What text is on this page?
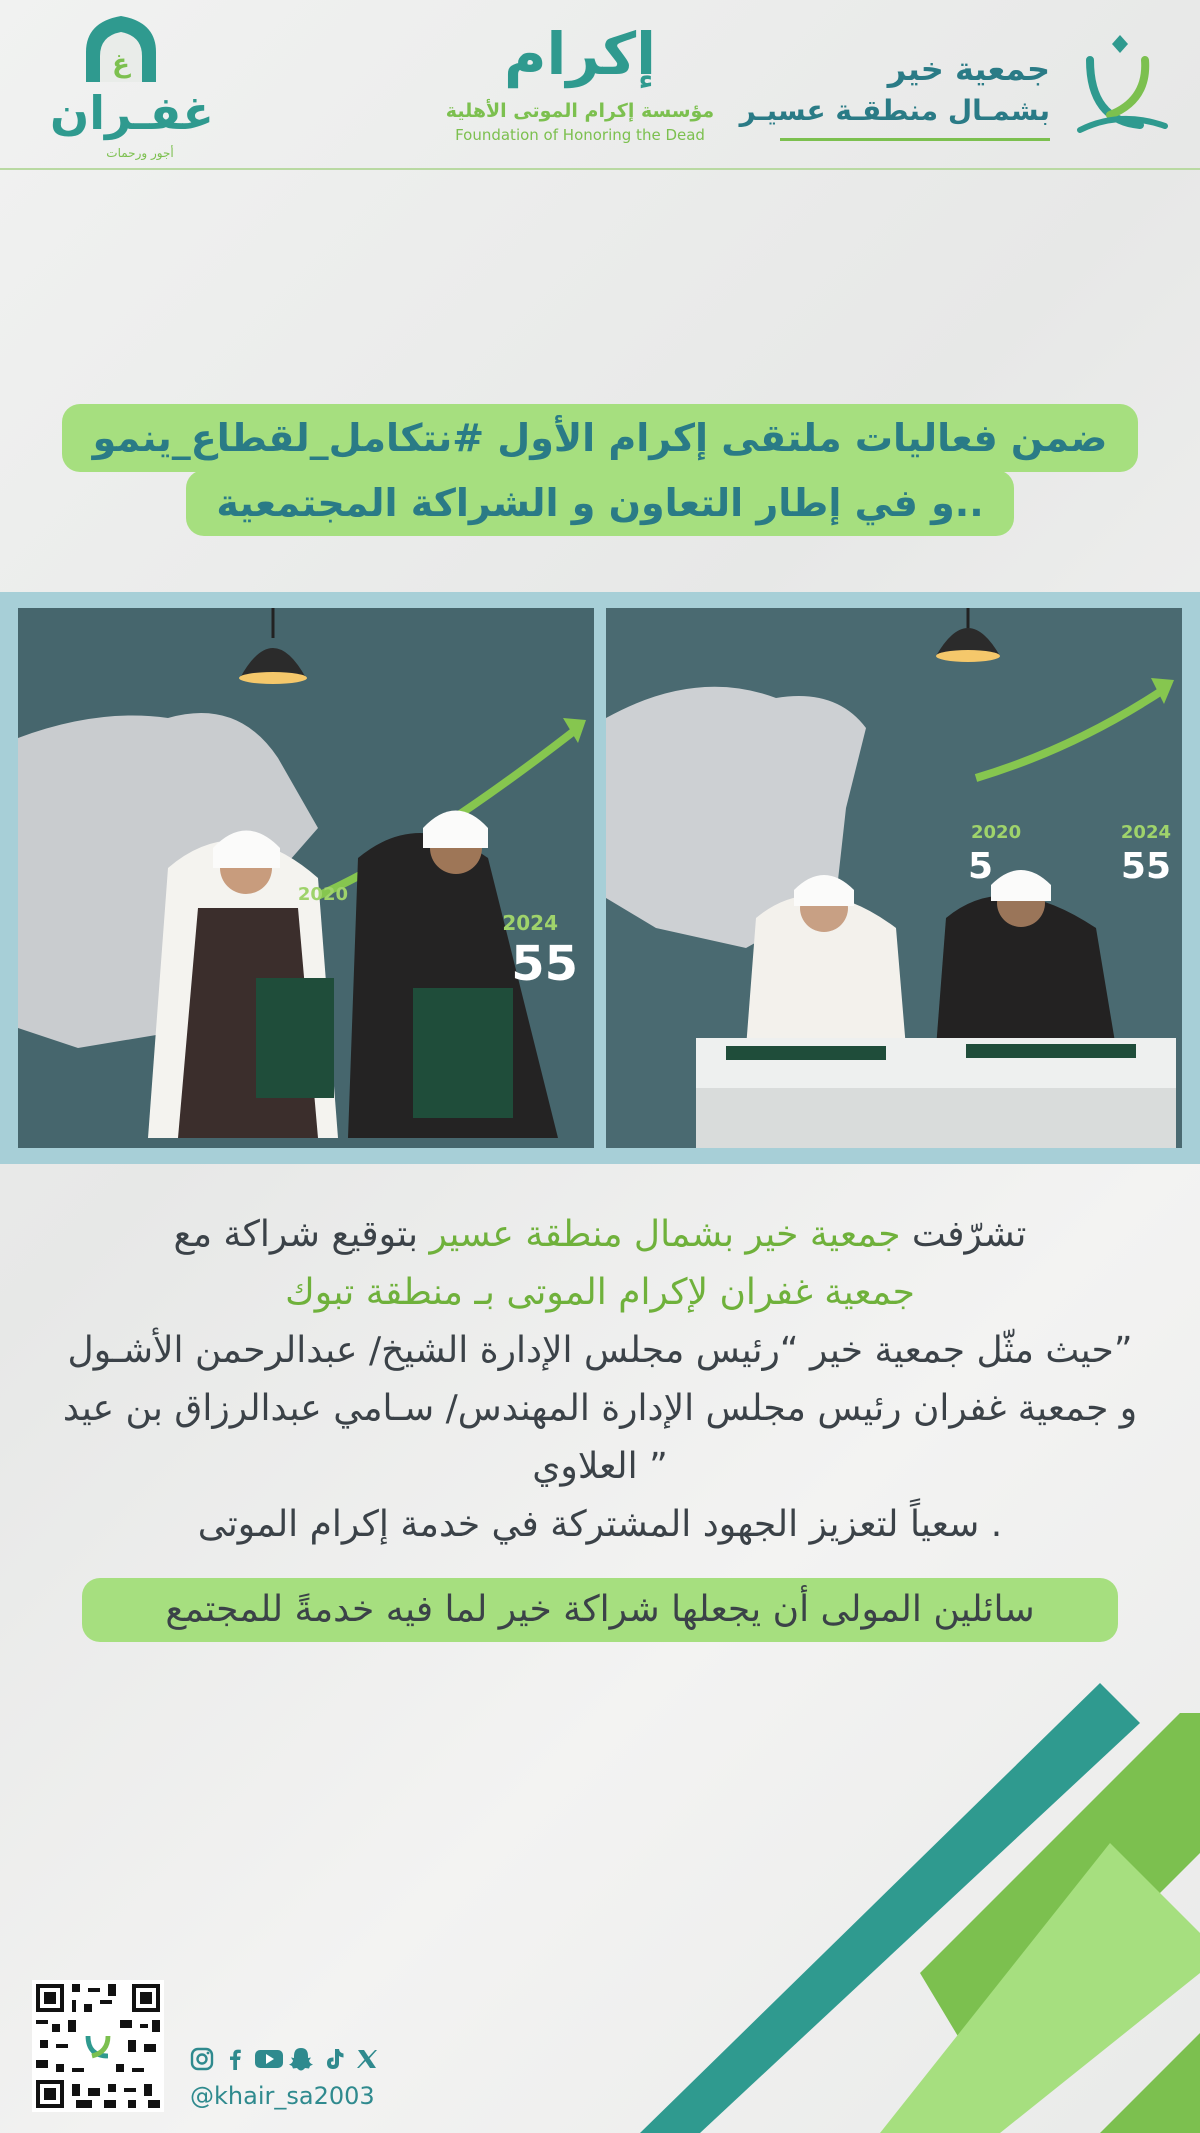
غ
غفـران
أجور ورحمات
إكرام
مؤسسة إكرام الموتى الأهلية
Foundation of Honoring the Dead
جمعية خير
بشمـال منطقـة عسيـر
ضمن فعاليات ملتقى إكرام الأول #نتكامل_لقطاع_ينمو
و في إطار التعاون و الشراكة المجتمعية..
2024
55
2020
2020
5
2024
55
تشرّفت جمعية خير بشمال منطقة عسير بتوقيع شراكة مع
جمعية غفران لإكرام الموتى بـ منطقة تبوك
حيث مثّل جمعية خير “رئيس مجلس الإدارة الشيخ/ عبدالرحمن الأشـول”
و جمعية غفران رئيس مجلس الإدارة المهندس/ سـامي عبدالرزاق بن عيد
العلاوي ”
سعياً لتعزيز الجهود المشتركة في خدمة إكرام الموتى .
سائلين المولى أن يجعلها شراكة خير لما فيه خدمةً للمجتمع

@khair_sa2003
